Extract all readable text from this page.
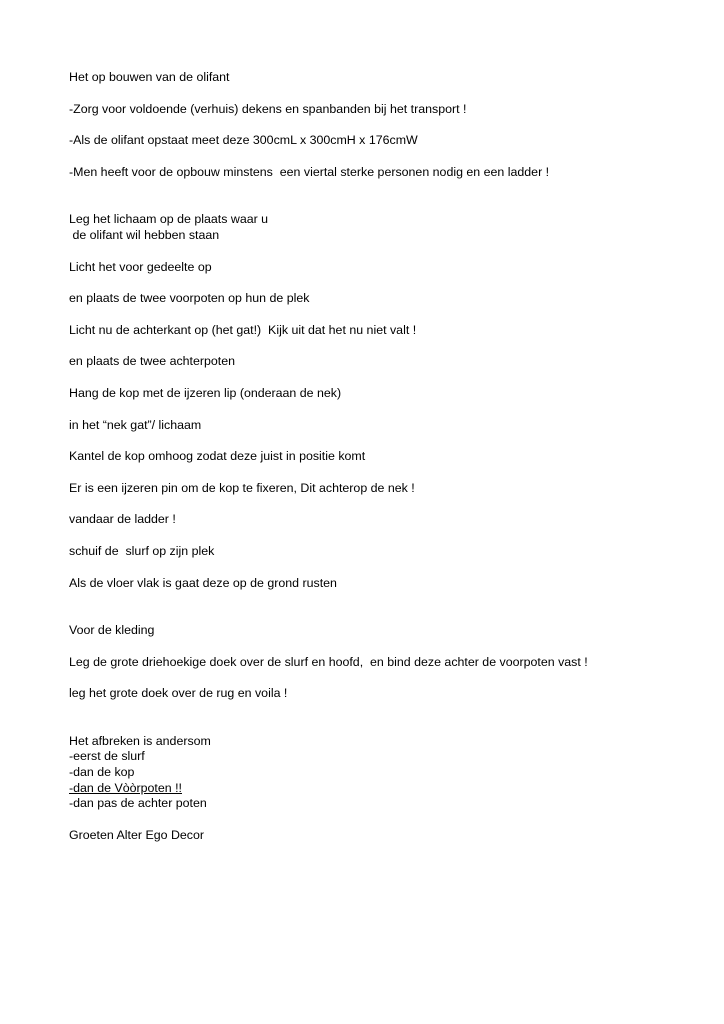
Het op bouwen van de olifant

-Zorg voor voldoende (verhuis) dekens en spanbanden bij het transport !

-Als de olifant opstaat meet deze 300cmL x 300cmH x 176cmW

-Men heeft voor de opbouw minstens  een viertal sterke personen nodig en een ladder !

Leg het lichaam op de plaats waar u

de olifant wil hebben staan

Licht het voor gedeelte op

en plaats de twee voorpoten op hun de plek

Licht nu de achterkant op (het gat!)  Kijk uit dat het nu niet valt !

en plaats de twee achterpoten

Hang de kop met de ijzeren lip (onderaan de nek)

in het “nek gat”/ lichaam

Kantel de kop omhoog zodat deze juist in positie komt

Er is een ijzeren pin om de kop te fixeren, Dit achterop de nek !

vandaar de ladder !

schuif de  slurf op zijn plek

Als de vloer vlak is gaat deze op de grond rusten

Voor de kleding

Leg de grote driehoekige doek over de slurf en hoofd,  en bind deze achter de voorpoten vast !

leg het grote doek over de rug en voila !

Het afbreken is andersom

-eerst de slurf

-dan de kop

-dan de Vòòrpoten !!

-dan pas de achter poten

Groeten Alter Ego Decor
